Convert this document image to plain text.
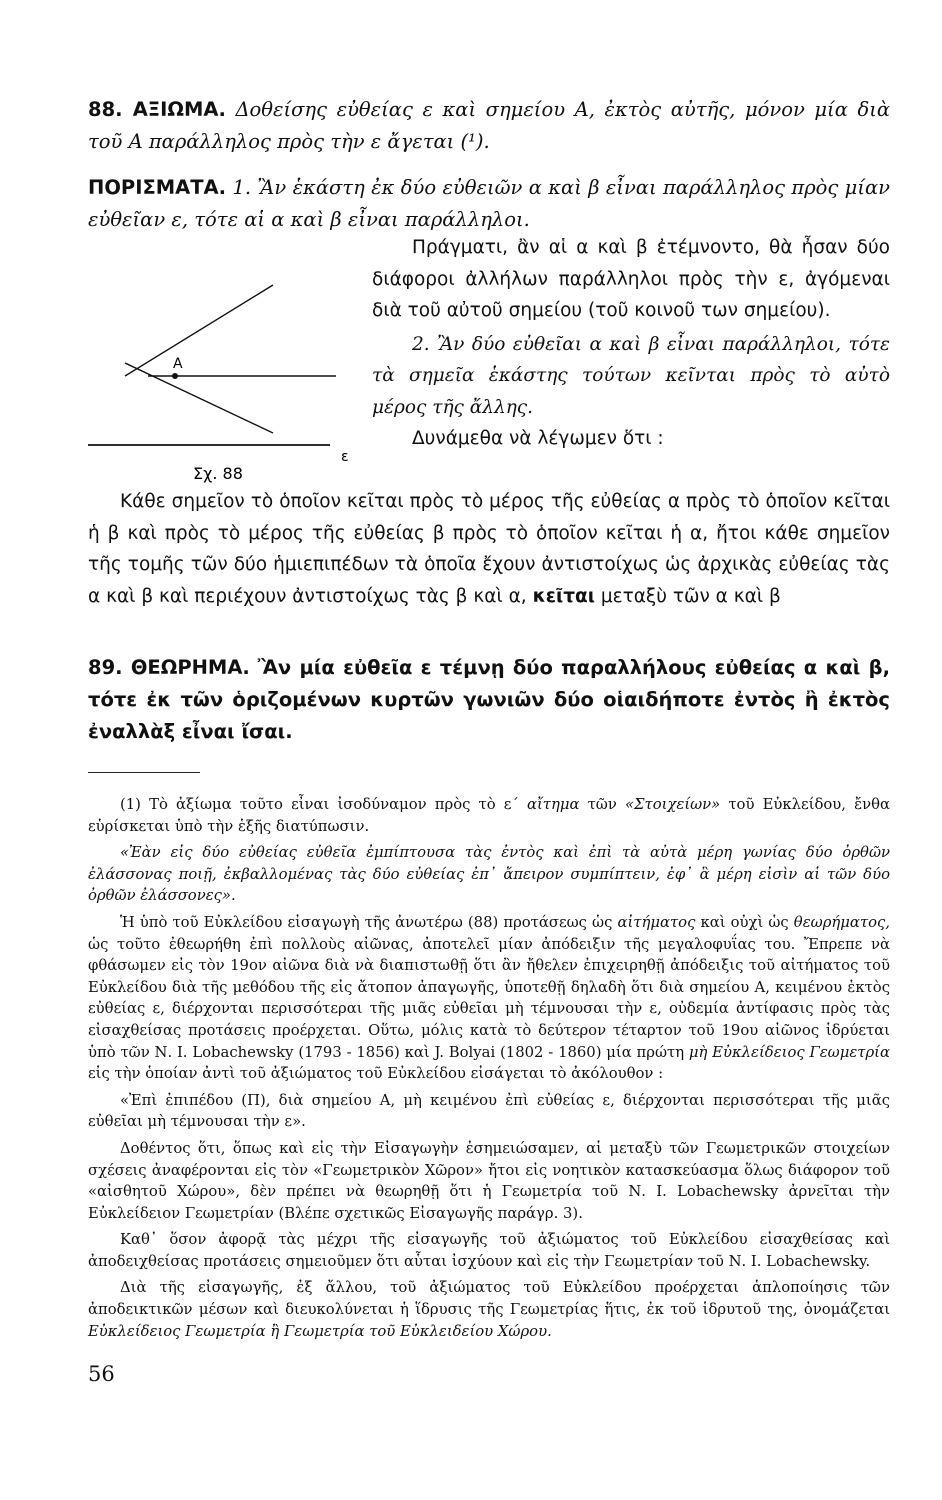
88. ΑΞΙΩΜΑ. Δοθείσης εὐθείας ε καὶ σημείου Α, ἐκτὸς αὐτῆς, μόνον μία διὰ τοῦ Α παράλληλος πρὸς τὴν ε ἄγεται (¹).

ΠΟΡΙΣΜΑΤΑ. 1. Ἂν ἑκάστη ἐκ δύο εὐθειῶν α καὶ β εἶναι παράλληλος πρὸς μίαν εὐθεῖαν ε, τότε αἱ α καὶ β εἶναι παράλληλοι.

Α
ε
Σχ. 88

Πράγματι, ἂν αἱ α καὶ β ἐτέμνοντο, θὰ ἦσαν δύο διάφοροι ἀλλήλων παράλληλοι πρὸς τὴν ε, ἀγόμεναι διὰ τοῦ αὐτοῦ σημείου (τοῦ κοινοῦ των σημείου).

2. Ἂν δύο εὐθεῖαι α καὶ β εἶναι παράλληλοι, τότε τὰ σημεῖα ἑκάστης τούτων κεῖνται πρὸς τὸ αὐτὸ μέρος τῆς ἄλλης.

Δυνάμεθα νὰ λέγωμεν ὅτι :

Κάθε σημεῖον τὸ ὁποῖον κεῖται πρὸς τὸ μέρος τῆς εὐθείας α πρὸς τὸ ὁποῖον κεῖται ἡ β καὶ πρὸς τὸ μέρος τῆς εὐθείας β πρὸς τὸ ὁποῖον κεῖται ἡ α, ἤτοι κάθε σημεῖον τῆς τομῆς τῶν δύο ἡμιεπιπέδων τὰ ὁποῖα ἔχουν ἀντιστοίχως ὡς ἀρχικὰς εὐθείας τὰς α καὶ β καὶ περιέχουν ἀντιστοίχως τὰς β καὶ α, κεῖται μεταξὺ τῶν α καὶ β

89. ΘΕΩΡΗΜΑ. Ἂν μία εὐθεῖα ε τέμνῃ δύο παραλλήλους εὐθείας α καὶ β, τότε ἐκ τῶν ὁριζομένων κυρτῶν γωνιῶν δύο οἱαιδήποτε ἐντὸς ἢ ἐκτὸς ἐναλλὰξ εἶναι ἴσαι.

(1) Τὸ ἀξίωμα τοῦτο εἶναι ἰσοδύναμον πρὸς τὸ ε΄ αἴτημα τῶν «Στοιχείων» τοῦ Εὐκλείδου, ἔνθα εὑρίσκεται ὑπὸ τὴν ἑξῆς διατύπωσιν.

«Ἐὰν εἰς δύο εὐθείας εὐθεῖα ἐμπίπτουσα τὰς ἐντὸς καὶ ἐπὶ τὰ αὐτὰ μέρη γωνίας δύο ὀρθῶν ἐλάσσονας ποιῇ, ἐκβαλλομένας τὰς δύο εὐθείας ἐπ᾽ ἄπειρον συμπίπτειν, ἐφ᾽ ἃ μέρη εἰσὶν αἱ τῶν δύο ὀρθῶν ἐλάσσονες».

Ἡ ὑπὸ τοῦ Εὐκλείδου εἰσαγωγὴ τῆς ἀνωτέρω (88) προτάσεως ὡς αἰτήματος καὶ οὐχὶ ὡς θεωρήματος, ὡς τοῦτο ἐθεωρήθη ἐπὶ πολλοὺς αἰῶνας, ἀποτελεῖ μίαν ἀπόδειξιν τῆς μεγαλοφυΐας του. Ἔπρεπε νὰ φθάσωμεν εἰς τὸν 19ον αἰῶνα διὰ νὰ διαπιστωθῇ ὅτι ἂν ἤθελεν ἐπιχειρηθῇ ἀπόδειξις τοῦ αἰτήματος τοῦ Εὐκλείδου διὰ τῆς μεθόδου τῆς εἰς ἄτοπον ἀπαγωγῆς, ὑποτεθῇ δηλαδὴ ὅτι διὰ σημείου Α, κειμένου ἐκτὸς εὐθείας ε, διέρχονται περισσότεραι τῆς μιᾶς εὐθεῖαι μὴ τέμνουσαι τὴν ε, οὐδεμία ἀντίφασις πρὸς τὰς εἰσαχθείσας προτάσεις προέρχεται. Οὕτω, μόλις κατὰ τὸ δεύτερον τέταρτον τοῦ 19ου αἰῶνος ἱδρύεται ὑπὸ τῶν Ν. Ι. Lobachewsky (1793 - 1856) καὶ J. Bolyai (1802 - 1860) μία πρώτη μὴ Εὐκλείδειος Γεωμετρία εἰς τὴν ὁποίαν ἀντὶ τοῦ ἀξιώματος τοῦ Εὐκλείδου εἰσάγεται τὸ ἀκόλουθον :

«Ἐπὶ ἐπιπέδου (Π), διὰ σημείου Α, μὴ κειμένου ἐπὶ εὐθείας ε, διέρχονται περισσότεραι τῆς μιᾶς εὐθεῖαι μὴ τέμνουσαι τὴν ε».

Δοθέντος ὅτι, ὅπως καὶ εἰς τὴν Εἰσαγωγὴν ἐσημειώσαμεν, αἱ μεταξὺ τῶν Γεωμετρικῶν στοιχείων σχέσεις ἀναφέρονται εἰς τὸν «Γεωμετρικὸν Χῶρον» ἤτοι εἰς νοητικὸν κατασκεύασμα ὅλως διάφορον τοῦ «αἰσθητοῦ Χώρου», δὲν πρέπει νὰ θεωρηθῇ ὅτι ἡ Γεωμετρία τοῦ Ν. Ι. Lobachewsky ἀρνεῖται τὴν Εὐκλείδειον Γεωμετρίαν (Βλέπε σχετικῶς Εἰσαγωγῆς παράγρ. 3).

Καθ᾽ ὅσον ἀφορᾷ τὰς μέχρι τῆς εἰσαγωγῆς τοῦ ἀξιώματος τοῦ Εὐκλείδου εἰσαχθείσας καὶ ἀποδειχθείσας προτάσεις σημειοῦμεν ὅτι αὗται ἰσχύουν καὶ εἰς τὴν Γεωμετρίαν τοῦ Ν. Ι. Lobachewsky.

Διὰ τῆς εἰσαγωγῆς, ἐξ ἄλλου, τοῦ ἀξιώματος τοῦ Εὐκλείδου προέρχεται ἁπλοποίησις τῶν ἀποδεικτικῶν μέσων καὶ διευκολύνεται ἡ ἵδρυσις τῆς Γεωμετρίας ἥτις, ἐκ τοῦ ἱδρυτοῦ της, ὀνομάζεται Εὐκλείδειος Γεωμετρία ἢ Γεωμετρία τοῦ Εὐκλειδείου Χώρου.

56
